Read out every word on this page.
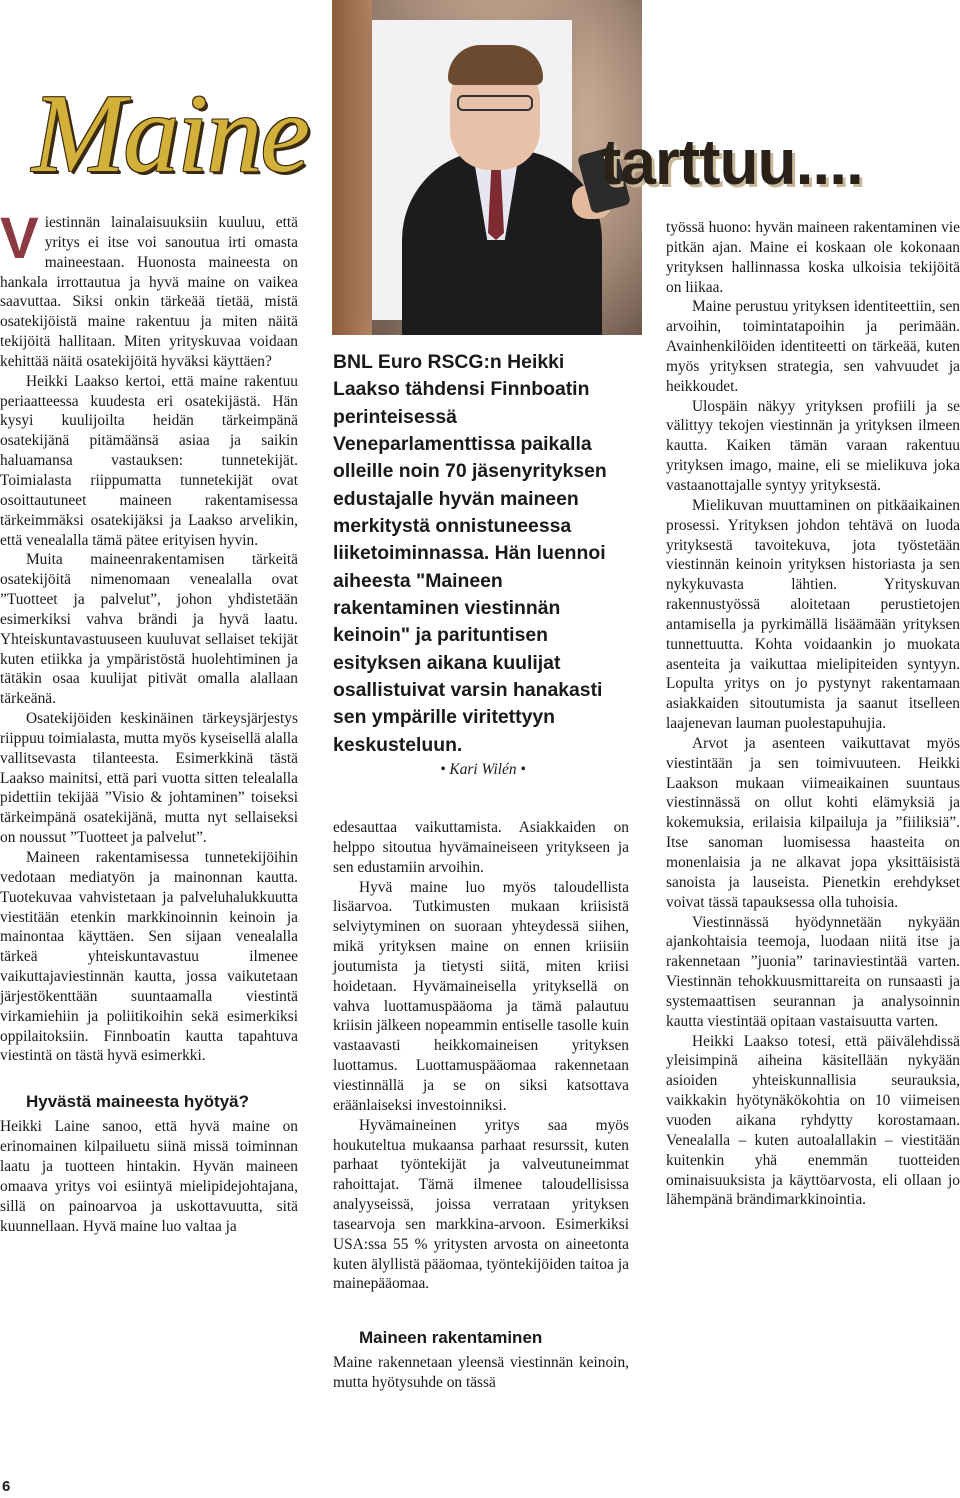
Maine	tarttuu....

Viestinnän lainalaisuuksiin kuuluu, että yritys ei itse voi sanoutua irti omasta maineestaan. Huonosta maineesta on hankala irrottautua ja hyvä maine on vaikea saavuttaa. Siksi onkin tärkeää tietää, mistä osatekijöistä maine rakentuu ja miten näitä tekijöitä hallitaan. Miten yrityskuvaa voidaan kehittää näitä osatekijöitä hyväksi käyttäen?

Heikki Laakso kertoi, että maine rakentuu periaatteessa kuudesta eri osatekijästä. Hän kysyi kuulijoilta heidän tärkeimpänä osatekijänä pitämäänsä asiaa ja saikin haluamansa vastauksen: tunnetekijät. Toimialasta riippumatta tunnetekijät ovat osoittautuneet maineen rakentamisessa tärkeimmäksi osatekijäksi ja Laakso arvelikin, että venealalla tämä pätee erityisen hyvin.

Muita maineenrakentamisen tärkeitä osatekijöitä nimenomaan venealalla ovat ”Tuotteet ja palvelut”, johon yhdistetään esimerkiksi vahva brändi ja hyvä laatu. Yhteiskuntavastuuseen kuuluvat sellaiset tekijät kuten etiikka ja ympäristöstä huolehtiminen ja tätäkin osaa kuulijat pitivät omalla alallaan tärkeänä.

Osatekijöiden keskinäinen tärkeysjärjestys riippuu toimialasta, mutta myös kyseisellä alalla vallitsevasta tilanteesta. Esimerkkinä tästä Laakso mainitsi, että pari vuotta sitten telealalla pidettiin tekijää ”Visio & johtaminen” toiseksi tärkeimpänä osatekijänä, mutta nyt sellaiseksi on noussut ”Tuotteet ja palvelut”.

Maineen rakentamisessa tunnetekijöihin vedotaan mediatyön ja mainonnan kautta. Tuotekuvaa vahvistetaan ja palveluhalukkuutta viestitään etenkin markkinoinnin keinoin ja mainontaa käyttäen. Sen sijaan venealalla tärkeä yhteiskuntavastuu ilmenee vaikuttajaviestinnän kautta, jossa vaikutetaan järjestökenttään suuntaamalla viestintä virkamiehiin ja poliitikoihin sekä esimerkiksi oppilaitoksiin. Finnboatin kautta tapahtuva viestintä on tästä hyvä esimerkki.

Hyvästä maineesta hyötyä?

Heikki Laine sanoo, että hyvä maine on erinomainen kilpailuetu siinä missä toiminnan laatu ja tuotteen hintakin. Hyvän maineen omaava yritys voi esiintyä mielipidejohtajana, sillä on painoarvoa ja uskottavuutta, sitä kuunnellaan. Hyvä maine luo valtaa ja

BNL Euro RSCG:n Heikki Laakso tähdensi Finnboatin perinteisessä Veneparlamenttissa paikalla olleille noin 70 jäsenyrityksen edustajalle hyvän maineen merkitystä onnistuneessa liiketoiminnassa. Hän luennoi aiheesta "Maineen rakentaminen viestinnän keinoin" ja parituntisen esityksen aikana kuulijat osallistuivat varsin hanakasti sen ympärille viritettyyn keskusteluun.

• Kari Wilén •

edesauttaa vaikuttamista. Asiakkaiden on helppo sitoutua hyvämaineiseen yritykseen ja sen edustamiin arvoihin.

Hyvä maine luo myös taloudellista lisäarvoa. Tutkimusten mukaan kriisistä selviytyminen on suoraan yhteydessä siihen, mikä yrityksen maine on ennen kriisiin joutumista ja tietysti siitä, miten kriisi hoidetaan. Hyvämaineisella yrityksellä on vahva luottamuspääoma ja tämä palautuu kriisin jälkeen nopeammin entiselle tasolle kuin vastaavasti heikkomaineisen yrityksen luottamus. Luottamuspääomaa rakennetaan viestinnällä ja se on siksi katsottava eräänlaiseksi investoinniksi.

Hyvämaineinen yritys saa myös houkuteltua mukaansa parhaat resurssit, kuten parhaat työntekijät ja valveutuneimmat rahoittajat. Tämä ilmenee taloudellisissa analyyseissä, joissa verrataan yrityksen tasearvoja sen markkina-arvoon. Esimerkiksi USA:ssa 55 % yritysten arvosta on aineetonta kuten älyllistä pääomaa, työntekijöiden taitoa ja mainepääomaa.

Maineen rakentaminen

Maine rakennetaan yleensä viestinnän keinoin, mutta hyötysuhde on tässä

työssä huono: hyvän maineen rakentaminen vie pitkän ajan. Maine ei koskaan ole kokonaan yrityksen hallinnassa koska ulkoisia tekijöitä on liikaa.

Maine perustuu yrityksen identiteettiin, sen arvoihin, toimintatapoihin ja perimään. Avainhenkilöiden identiteetti on tärkeää, kuten myös yrityksen strategia, sen vahvuudet ja heikkoudet.

Ulospäin näkyy yrityksen profiili ja se välittyy tekojen viestinnän ja yrityksen ilmeen kautta. Kaiken tämän varaan rakentuu yrityksen imago, maine, eli se mielikuva joka vastaanottajalle syntyy yrityksestä.

Mielikuvan muuttaminen on pitkäaikainen prosessi. Yrityksen johdon tehtävä on luoda yrityksestä tavoitekuva, jota työstetään viestinnän keinoin yrityksen historiasta ja sen nykykuvasta lähtien. Yrityskuvan rakennustyössä aloitetaan perustietojen antamisella ja pyrkimällä lisäämään yrityksen tunnettuutta. Kohta voidaankin jo muokata asenteita ja vaikuttaa mielipiteiden syntyyn. Lopulta yritys on jo pystynyt rakentamaan asiakkaiden sitoutumista ja saanut itselleen laajenevan lauman puolestapuhujia.

Arvot ja asenteen vaikuttavat myös viestintään ja sen toimivuuteen. Heikki Laakson mukaan viimeaikainen suuntaus viestinnässä on ollut kohti elämyksiä ja kokemuksia, erilaisia kilpailuja ja ”fiiliksiä”. Itse sanoman luomisessa haasteita on monenlaisia ja ne alkavat jopa yksittäisistä sanoista ja lauseista. Pienetkin erehdykset voivat tässä tapauksessa olla tuhoisia.

Viestinnässä hyödynnetään nykyään ajankohtaisia teemoja, luodaan niitä itse ja rakennetaan ”juonia” tarinaviestintää varten. Viestinnän tehokkuusmittareita on runsaasti ja systemaattisen seurannan ja analysoinnin kautta viestintää opitaan vastaisuutta varten.

Heikki Laakso totesi, että päivälehdissä yleisimpinä aiheina käsitellään nykyään asioiden yhteiskunnallisia seurauksia, vaikkakin hyötynäkökohtia on 10 viimeisen vuoden aikana ryhdytty korostamaan. Venealalla – kuten autoalallakin – viestitään kuitenkin yhä enemmän tuotteiden ominaisuuksista ja käyttöarvosta, eli ollaan jo lähempänä brändimarkkinointia.

6
